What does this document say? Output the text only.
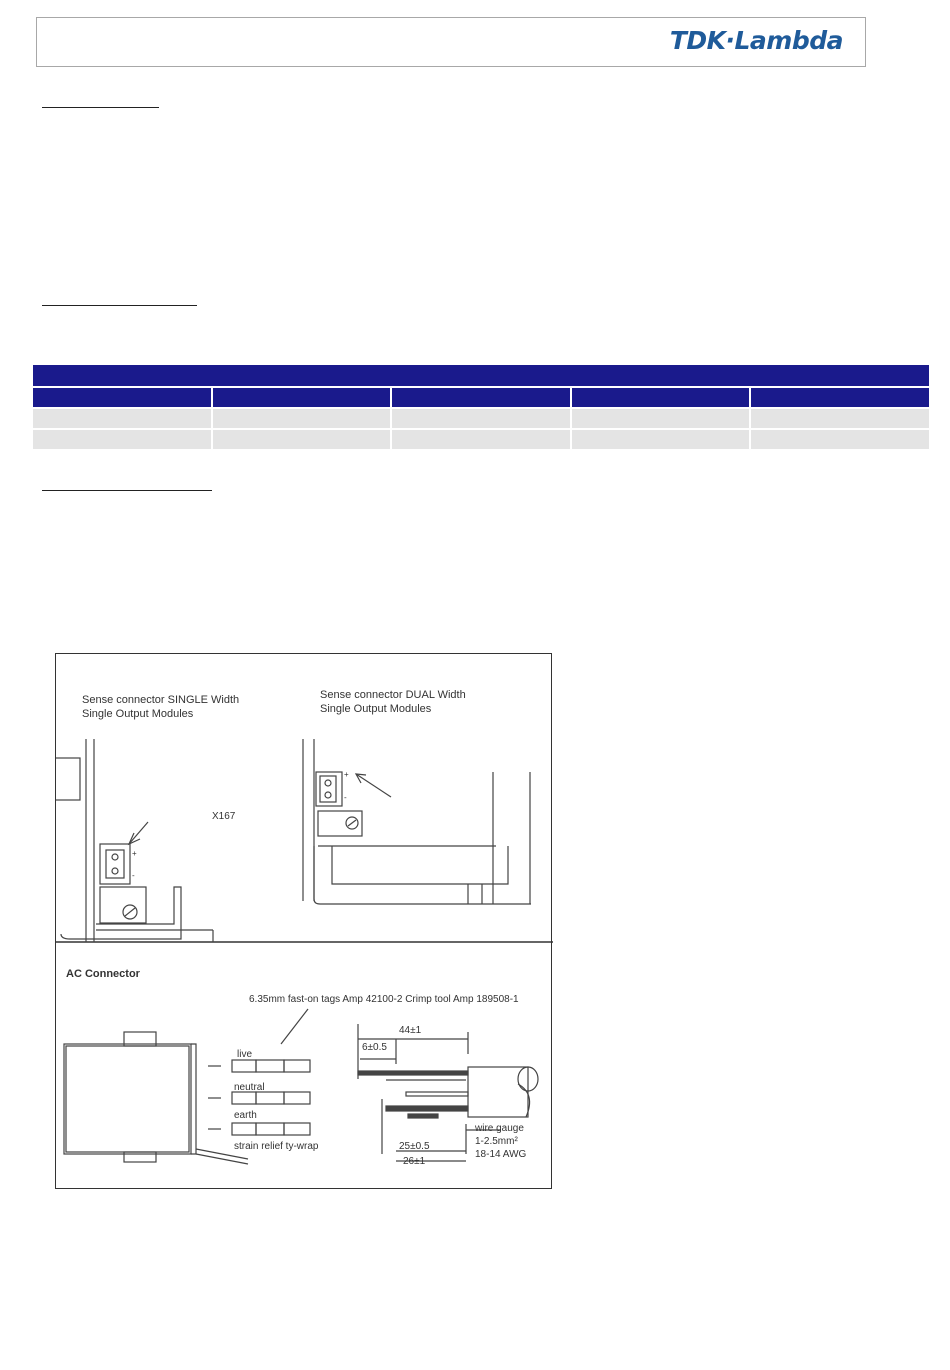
TDK·Lambda
Sense connector SINGLE Width
Single Output Modules
Sense connector DUAL Width
Single Output Modules
X167
+
-
+
-
AC Connector
6.35mm fast-on tags Amp 42100-2 Crimp tool Amp 189508-1
live
neutral
earth
strain relief ty-wrap
44±1
6±0.5
25±0.5
26±1
wire gauge
1-2.5mm²
18-14 AWG
